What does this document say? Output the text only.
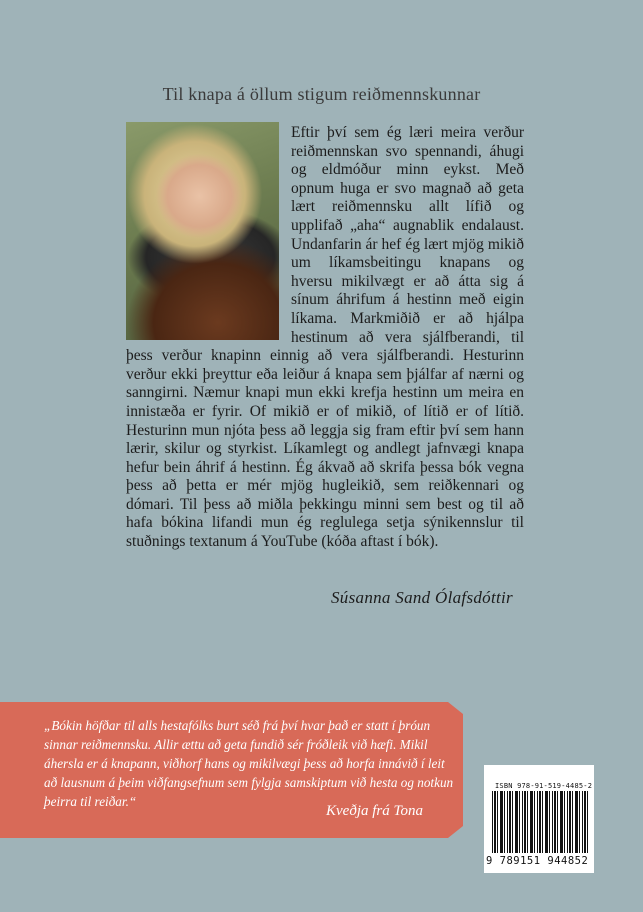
Til knapa á öllum stigum reiðmennskunnar
Eftir því sem ég læri meira verður reiðmennskan svo spennandi, áhugi og eldmóður minn eykst. Með opnum huga er svo magnað að geta lært reiðmennsku allt lífið og upplifað „aha“ augnablik endalaust. Undanfarin ár hef ég lært mjög mikið um líkamsbeitingu knapans og hversu mikilvægt er að átta sig á sínum áhrifum á hestinn með eigin líkama. Markmiðið er að hjálpa hestinum að vera sjálfberandi, til þess verður knapinn einnig að vera sjálfberandi. Hesturinn verður ekki þreyttur eða leiður á knapa sem þjálfar af nærni og sanngirni. Næmur knapi mun ekki krefja hestinn um meira en innistæða er fyrir. Of mikið er of mikið, of lítið er of lítið. Hesturinn mun njóta þess að leggja sig fram eftir því sem hann lærir, skilur og styrkist. Líkamlegt og andlegt jafnvægi knapa hefur bein áhrif á hestinn. Ég ákvað að skrifa þessa bók vegna þess að þetta er mér mjög hugleikið, sem reiðkennari og dómari. Til þess að miðla þekkingu minni sem best og til að hafa bókina lifandi mun ég reglulega setja sýnikennslur til stuðnings textanum á YouTube (kóða aftast í bók).
Súsanna Sand Ólafsdóttir

„Bókin höfðar til alls hestafólks burt séð frá því hvar það er statt í þróun sinnar reiðmennsku. Allir ættu að geta fundið sér fróðleik við hæfi. Mikil áhersla er á knapann, viðhorf hans og mikilvægi þess að horfa innávið í leit að lausnum á þeim viðfangsefnum sem fylgja samskiptum við hesta og notkun þeirra til reiðar.“

Kveðja frá Tona
ISBN 978-91-519-4485-2
9 789151 944852
